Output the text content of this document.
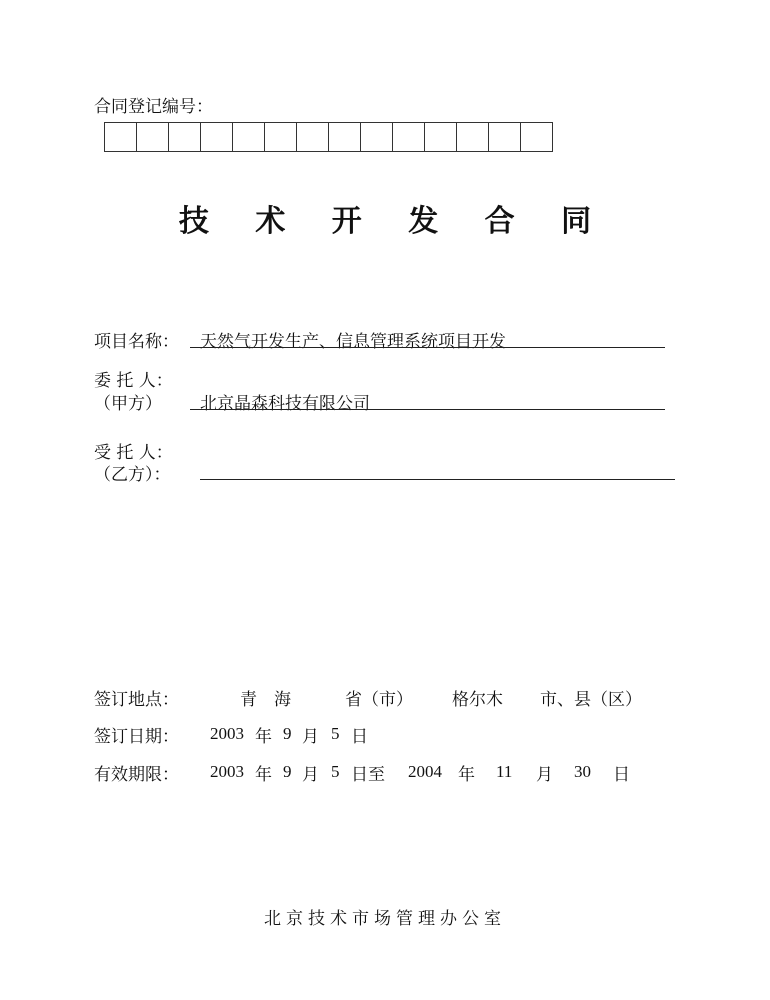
合同登记编号：
技 术 开 发 合 同
项目名称： 天然气开发生产、信息管理系统项目开发
委 托 人：
（甲方） 北京晶森科技有限公司
受 托 人：
（乙方）：
签订地点：	青　海	省（市） 格尔木 市、县（区）
签订日期： 2003 年 9 月 5 日
有效期限： 2003 年 9 月 5 日至 2004 年 11 月 30 日
北京技术市场管理办公室
